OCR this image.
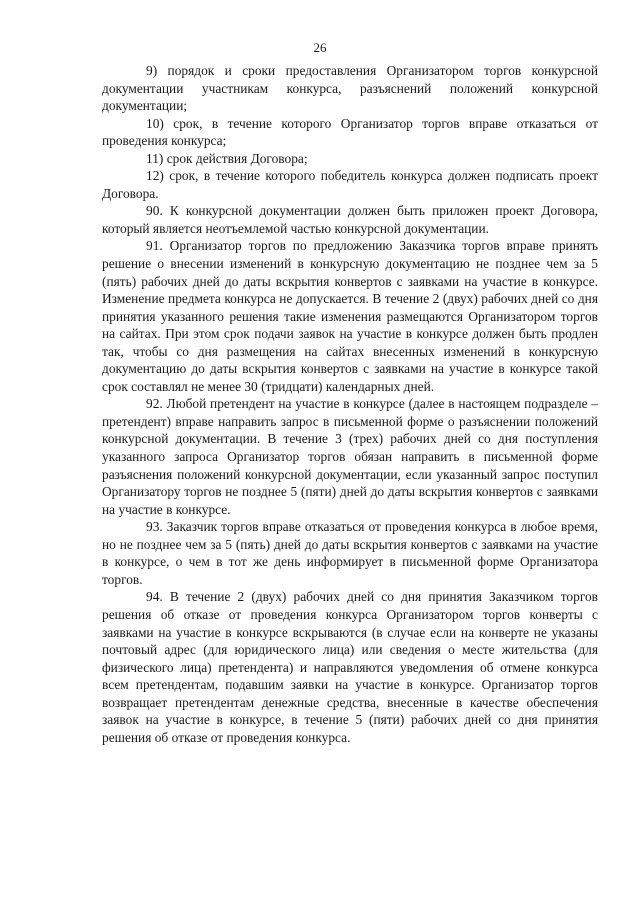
26

9) порядок и сроки предоставления Организатором торгов конкурсной документации участникам конкурса, разъяснений положений конкурсной документации;

10) срок, в течение которого Организатор торгов вправе отказаться от проведения конкурса;

11) срок действия Договора;

12) срок, в течение которого победитель конкурса должен подписать проект Договора.

90. К конкурсной документации должен быть приложен проект Договора, который является неотъемлемой частью конкурсной документации.

91. Организатор торгов по предложению Заказчика торгов вправе принять решение о внесении изменений в конкурсную документацию не позднее чем за 5 (пять) рабочих дней до даты вскрытия конвертов с заявками на участие в конкурсе. Изменение предмета конкурса не допускается. В течение 2 (двух) рабочих дней со дня принятия указанного решения такие изменения размещаются Организатором торгов на сайтах. При этом срок подачи заявок на участие в конкурсе должен быть продлен так, чтобы со дня размещения на сайтах внесенных изменений в конкурсную документацию до даты вскрытия конвертов с заявками на участие в конкурсе такой срок составлял не менее 30 (тридцати) календарных дней.

92. Любой претендент на участие в конкурсе (далее в настоящем подразделе – претендент) вправе направить запрос в письменной форме о разъяснении положений конкурсной документации. В течение 3 (трех) рабочих дней со дня поступления указанного запроса Организатор торгов обязан направить в письменной форме разъяснения положений конкурсной документации, если указанный запрос поступил Организатору торгов не позднее 5 (пяти) дней до даты вскрытия конвертов с заявками на участие в конкурсе.

93. Заказчик торгов вправе отказаться от проведения конкурса в любое время, но не позднее чем за 5 (пять) дней до даты вскрытия конвертов с заявками на участие в конкурсе, о чем в тот же день информирует в письменной форме Организатора торгов.

94. В течение 2 (двух) рабочих дней со дня принятия Заказчиком торгов решения об отказе от проведения конкурса Организатором торгов конверты с заявками на участие в конкурсе вскрываются (в случае если на конверте не указаны почтовый адрес (для юридического лица) или сведения о месте жительства (для физического лица) претендента) и направляются уведомления об отмене конкурса всем претендентам, подавшим заявки на участие в конкурсе. Организатор торгов возвращает претендентам денежные средства, внесенные в качестве обеспечения заявок на участие в конкурсе, в течение 5 (пяти) рабочих дней со дня принятия решения об отказе от проведения конкурса.
